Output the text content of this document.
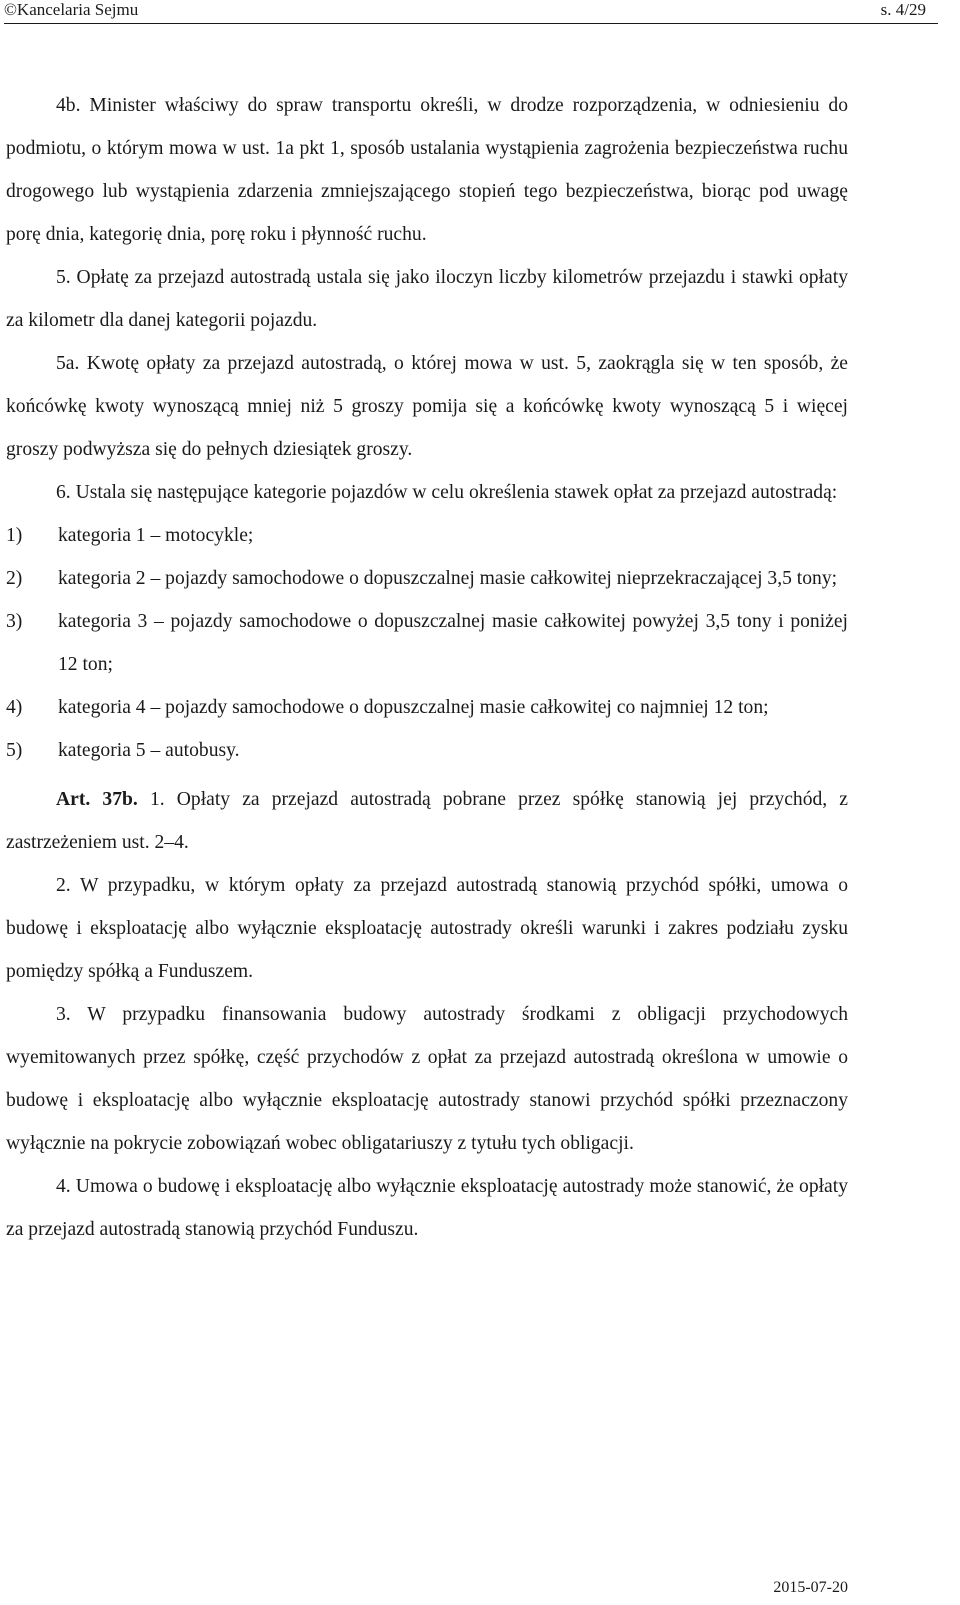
©Kancelaria Sejmu	s. 4/29

4b. Minister właściwy do spraw transportu określi, w drodze rozporządzenia, w odniesieniu do podmiotu, o którym mowa w ust. 1a pkt 1, sposób ustalania wystąpienia zagrożenia bezpieczeństwa ruchu drogowego lub wystąpienia zdarzenia zmniejszającego stopień tego bezpieczeństwa, biorąc pod uwagę porę dnia, kategorię dnia, porę roku i płynność ruchu.

5. Opłatę za przejazd autostradą ustala się jako iloczyn liczby kilometrów przejazdu i stawki opłaty za kilometr dla danej kategorii pojazdu.

5a. Kwotę opłaty za przejazd autostradą, o której mowa w ust. 5, zaokrągla się w ten sposób, że końcówkę kwoty wynoszącą mniej niż 5 groszy pomija się a końcówkę kwoty wynoszącą 5 i więcej groszy podwyższa się do pełnych dziesiątek groszy.

6. Ustala się następujące kategorie pojazdów w celu określenia stawek opłat za przejazd autostradą:

1)	kategoria 1 – motocykle;
2)	kategoria 2 – pojazdy samochodowe o dopuszczalnej masie całkowitej nieprzekraczającej 3,5 tony;
3)	kategoria 3 – pojazdy samochodowe o dopuszczalnej masie całkowitej powyżej 3,5 tony i poniżej 12 ton;
4)	kategoria 4 – pojazdy samochodowe o dopuszczalnej masie całkowitej co najmniej 12 ton;
5)	kategoria 5 – autobusy.

Art. 37b. 1. Opłaty za przejazd autostradą pobrane przez spółkę stanowią jej przychód, z zastrzeżeniem ust. 2–4.

2. W przypadku, w którym opłaty za przejazd autostradą stanowią przychód spółki, umowa o budowę i eksploatację albo wyłącznie eksploatację autostrady określi warunki i zakres podziału zysku pomiędzy spółką a Funduszem.

3. W przypadku finansowania budowy autostrady środkami z obligacji przychodowych wyemitowanych przez spółkę, część przychodów z opłat za przejazd autostradą określona w umowie o budowę i eksploatację albo wyłącznie eksploatację autostrady stanowi przychód spółki przeznaczony wyłącznie na pokrycie zobowiązań wobec obligatariuszy z tytułu tych obligacji.

4. Umowa o budowę i eksploatację albo wyłącznie eksploatację autostrady może stanowić, że opłaty za przejazd autostradą stanowią przychód Funduszu.

2015-07-20
